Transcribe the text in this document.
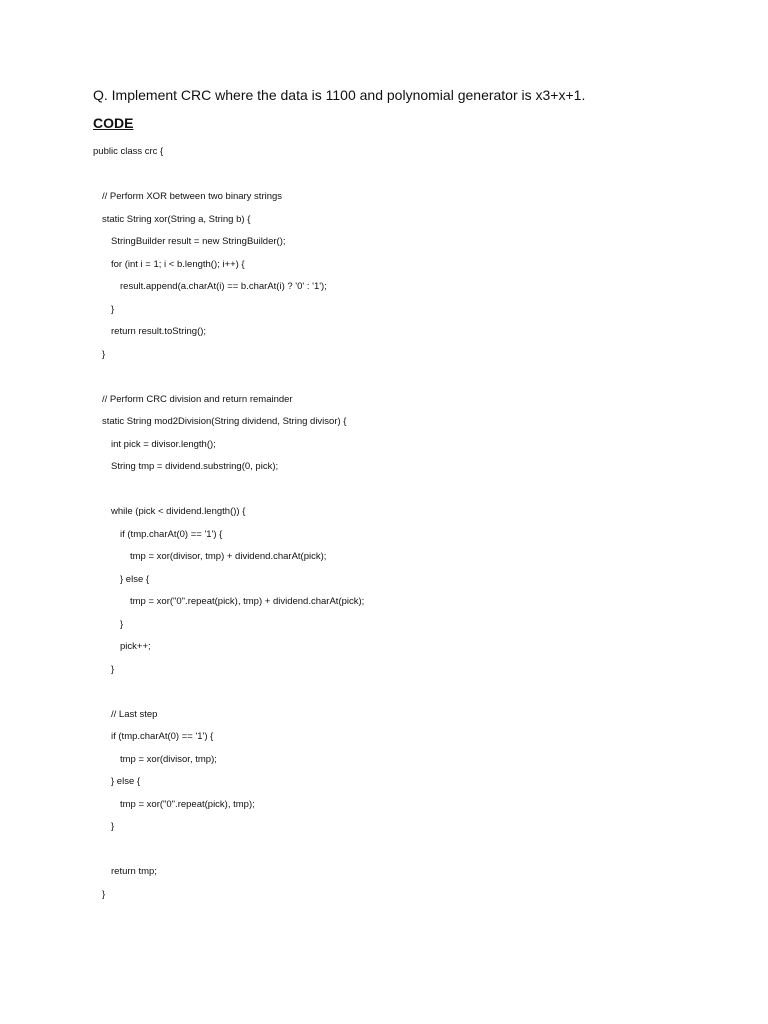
Q. Implement CRC where the data is 1100 and polynomial generator is x3+x+1.
CODE
public class crc {
// Perform XOR between two binary strings
static String xor(String a, String b) {
StringBuilder result = new StringBuilder();
for (int i = 1; i < b.length(); i++) {
result.append(a.charAt(i) == b.charAt(i) ? '0' : '1');
}
return result.toString();
}
// Perform CRC division and return remainder
static String mod2Division(String dividend, String divisor) {
int pick = divisor.length();
String tmp = dividend.substring(0, pick);
while (pick < dividend.length()) {
if (tmp.charAt(0) == '1') {
tmp = xor(divisor, tmp) + dividend.charAt(pick);
} else {
tmp = xor("0".repeat(pick), tmp) + dividend.charAt(pick);
}
pick++;
}
// Last step
if (tmp.charAt(0) == '1') {
tmp = xor(divisor, tmp);
} else {
tmp = xor("0".repeat(pick), tmp);
}
return tmp;
}
